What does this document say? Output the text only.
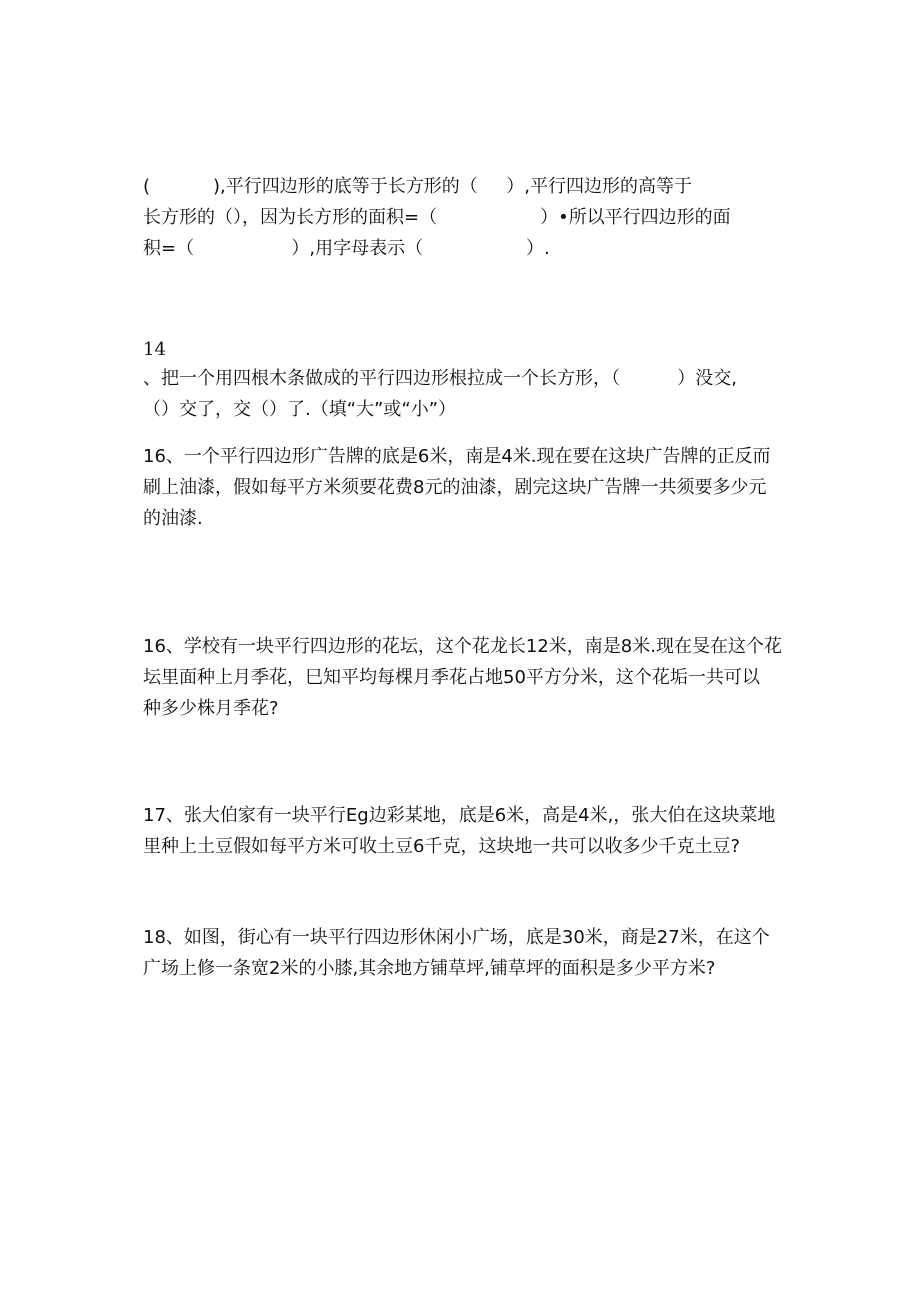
(           ),平行四边形的底等于长方形的（     ）,平行四边形的高等于
长方形的（），因为长方形的面积=（                  ）•所以平行四边形的面
积=（                 ）,用字母表示（                  ）.
14
、把一个用四根木条做成的平行四边形根拉成一个长方形，（          ）没交,
（）交了，交（）了.（填“大”或“小”）
16、一个平行四边形广告牌的底是6米，南是4米.现在要在这块广告牌的正反而
刷上油漆，假如每平方米须要花费8元的油漆，剧完这块广告牌一共须要多少元
的油漆.
16、学校有一块平行四边形的花坛，这个花龙长12米，南是8米.现在旻在这个花
坛里面种上月季花，巳知平均每棵月季花占地50平方分米，这个花垢一共可以
种多少株月季花?
17、张大伯家有一块平行Eg边彩某地，底是6米，高是4米,，张大伯在这块菜地
里种上土豆假如每平方米可收土豆6千克，这块地一共可以收多少千克土豆?
18、如图，街心有一块平行四边形休闲小广场，底是30米，商是27米，在这个
广场上修一条宽2米的小膝,其余地方铺草坪,铺草坪的面积是多少平方米?
